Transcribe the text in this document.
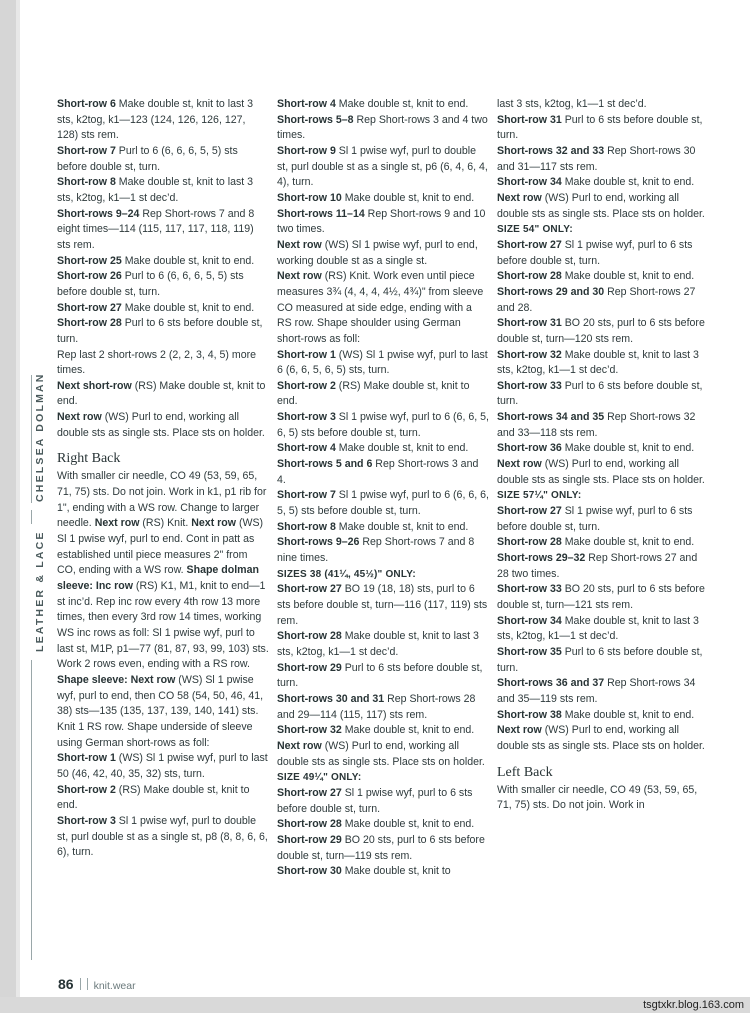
CHELSEA DOLMAN
LEATHER & LACE

Short-row 6 Make double st, knit to last 3 sts, k2tog, k1—123 (124, 126, 126, 127, 128) sts rem.

Short-row 7 Purl to 6 (6, 6, 6, 5, 5) sts before double st, turn.

Short-row 8 Make double st, knit to last 3 sts, k2tog, k1—1 st dec’d.

Short-rows 9–24 Rep Short-rows 7 and 8 eight times—114 (115, 117, 117, 118, 119) sts rem.

Short-row 25 Make double st, knit to end.

Short-row 26 Purl to 6 (6, 6, 6, 5, 5) sts before double st, turn.

Short-row 27 Make double st, knit to end.

Short-row 28 Purl to 6 sts before double st, turn.

Rep last 2 short-rows 2 (2, 2, 3, 4, 5) more times.

Next short-row (RS) Make double st, knit to end.

Next row (WS) Purl to end, working all double sts as single sts. Place sts on holder.

Right Back

With smaller cir needle, CO 49 (53, 59, 65, 71, 75) sts. Do not join. Work in k1, p1 rib for 1", ending with a WS row. Change to larger needle. Next row (RS) Knit. Next row (WS) Sl 1 pwise wyf, purl to end. Cont in patt as established until piece measures 2" from CO, ending with a WS row. Shape dolman sleeve: Inc row (RS) K1, M1, knit to end—1 st inc’d. Rep inc row every 4th row 13 more times, then every 3rd row 14 times, working WS inc rows as foll: Sl 1 pwise wyf, purl to last st, M1P, p1—77 (81, 87, 93, 99, 103) sts. Work 2 rows even, ending with a RS row. Shape sleeve: Next row (WS) Sl 1 pwise wyf, purl to end, then CO 58 (54, 50, 46, 41, 38) sts—135 (135, 137, 139, 140, 141) sts. Knit 1 RS row. Shape underside of sleeve using German short-rows as foll:

Short-row 1 (WS) Sl 1 pwise wyf, purl to last 50 (46, 42, 40, 35, 32) sts, turn.

Short-row 2 (RS) Make double st, knit to end.

Short-row 3 Sl 1 pwise wyf, purl to double st, purl double st as a single st, p8 (8, 8, 6, 6, 6), turn.

Short-row 4 Make double st, knit to end.

Short-rows 5–8 Rep Short-rows 3 and 4 two times.

Short-row 9 Sl 1 pwise wyf, purl to double st, purl double st as a single st, p6 (6, 4, 6, 4, 4), turn.

Short-row 10 Make double st, knit to end.

Short-rows 11–14 Rep Short-rows 9 and 10 two times.

Next row (WS) Sl 1 pwise wyf, purl to end, working double st as a single st.

Next row (RS) Knit. Work even until piece measures 3¾ (4, 4, 4, 4½, 4¾)" from sleeve CO measured at side edge, ending with a RS row. Shape shoulder using German short-rows as foll:

Short-row 1 (WS) Sl 1 pwise wyf, purl to last 6 (6, 6, 5, 6, 5) sts, turn.

Short-row 2 (RS) Make double st, knit to end.

Short-row 3 Sl 1 pwise wyf, purl to 6 (6, 6, 5, 6, 5) sts before double st, turn.

Short-row 4 Make double st, knit to end.

Short-rows 5 and 6 Rep Short-rows 3 and 4.

Short-row 7 Sl 1 pwise wyf, purl to 6 (6, 6, 6, 5, 5) sts before double st, turn.

Short-row 8 Make double st, knit to end.

Short-rows 9–26 Rep Short-rows 7 and 8 nine times.

SIZES 38 (41¼, 45½)" ONLY:

Short-row 27 BO 19 (18, 18) sts, purl to 6 sts before double st, turn—116 (117, 119) sts rem.

Short-row 28 Make double st, knit to last 3 sts, k2tog, k1—1 st dec’d.

Short-row 29 Purl to 6 sts before double st, turn.

Short-rows 30 and 31 Rep Short-rows 28 and 29—114 (115, 117) sts rem.

Short-row 32 Make double st, knit to end.

Next row (WS) Purl to end, working all double sts as single sts. Place sts on holder.

SIZE 49¼" ONLY:

Short-row 27 Sl 1 pwise wyf, purl to 6 sts before double st, turn.

Short-row 28 Make double st, knit to end.

Short-row 29 BO 20 sts, purl to 6 sts before double st, turn—119 sts rem.

Short-row 30 Make double st, knit to

last 3 sts, k2tog, k1—1 st dec’d.

Short-row 31 Purl to 6 sts before double st, turn.

Short-rows 32 and 33 Rep Short-rows 30 and 31—117 sts rem.

Short-row 34 Make double st, knit to end.

Next row (WS) Purl to end, working all double sts as single sts. Place sts on holder.

SIZE 54" ONLY:

Short-row 27 Sl 1 pwise wyf, purl to 6 sts before double st, turn.

Short-row 28 Make double st, knit to end.

Short-rows 29 and 30 Rep Short-rows 27 and 28.

Short-row 31 BO 20 sts, purl to 6 sts before double st, turn—120 sts rem.

Short-row 32 Make double st, knit to last 3 sts, k2tog, k1—1 st dec’d.

Short-row 33 Purl to 6 sts before double st, turn.

Short-rows 34 and 35 Rep Short-rows 32 and 33—118 sts rem.

Short-row 36 Make double st, knit to end.

Next row (WS) Purl to end, working all double sts as single sts. Place sts on holder.

SIZE 57¼" ONLY:

Short-row 27 Sl 1 pwise wyf, purl to 6 sts before double st, turn.

Short-row 28 Make double st, knit to end.

Short-rows 29–32 Rep Short-rows 27 and 28 two times.

Short-row 33 BO 20 sts, purl to 6 sts before double st, turn—121 sts rem.

Short-row 34 Make double st, knit to last 3 sts, k2tog, k1—1 st dec’d.

Short-row 35 Purl to 6 sts before double st, turn.

Short-rows 36 and 37 Rep Short-rows 34 and 35—119 sts rem.

Short-row 38 Make double st, knit to end.

Next row (WS) Purl to end, working all double sts as single sts. Place sts on holder.

Left Back

With smaller cir needle, CO 49 (53, 59, 65, 71, 75) sts. Do not join. Work in

86 knit.wear
tsgtxkr.blog.163.com
